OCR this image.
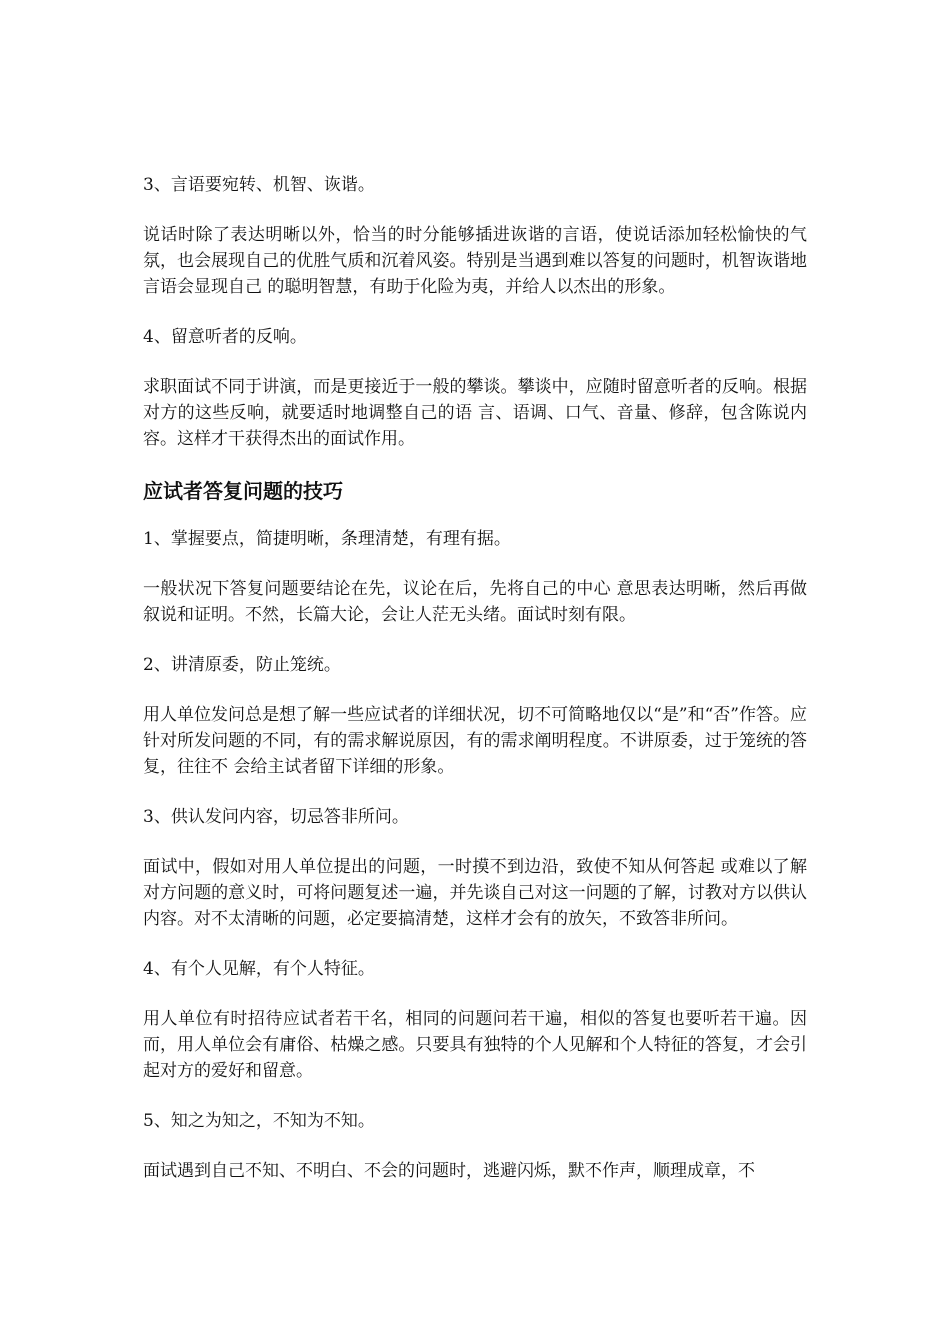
3、言语要宛转、机智、诙谐。

说话时除了表达明晰以外，恰当的时分能够插进诙谐的言语，使说话添加轻松愉快的气氛，也会展现自己的优胜气质和沉着风姿。特别是当遇到难以答复的问题时，机智诙谐地言语会显现自己 的聪明智慧，有助于化险为夷，并给人以杰出的形象。

4、留意听者的反响。

求职面试不同于讲演，而是更接近于一般的攀谈。攀谈中，应随时留意听者的反响。根据对方的这些反响，就要适时地调整自己的语 言、语调、口气、音量、修辞，包含陈说内容。这样才干获得杰出的面试作用。

应试者答复问题的技巧

1、掌握要点，简捷明晰，条理清楚，有理有据。

一般状况下答复问题要结论在先，议论在后，先将自己的中心 意思表达明晰，然后再做叙说和证明。不然，长篇大论，会让人茫无头绪。面试时刻有限。

2、讲清原委，防止笼统。

用人单位发问总是想了解一些应试者的详细状况，切不可简略地仅以“是”和“否”作答。应针对所发问题的不同，有的需求解说原因，有的需求阐明程度。不讲原委，过于笼统的答复，往往不 会给主试者留下详细的形象。

3、供认发问内容，切忌答非所问。

面试中，假如对用人单位提出的问题，一时摸不到边沿，致使不知从何答起 或难以了解对方问题的意义时，可将问题复述一遍，并先谈自己对这一问题的了解，讨教对方以供认内容。对不太清晰的问题，必定要搞清楚，这样才会有的放矢，不致答非所问。

4、有个人见解，有个人特征。

用人单位有时招待应试者若干名，相同的问题问若干遍，相似的答复也要听若干遍。因而，用人单位会有庸俗、枯燥之感。只要具有独特的个人见解和个人特征的答复，才会引起对方的爱好和留意。

5、知之为知之，不知为不知。

面试遇到自己不知、不明白、不会的问题时，逃避闪烁，默不作声，顺理成章，不
